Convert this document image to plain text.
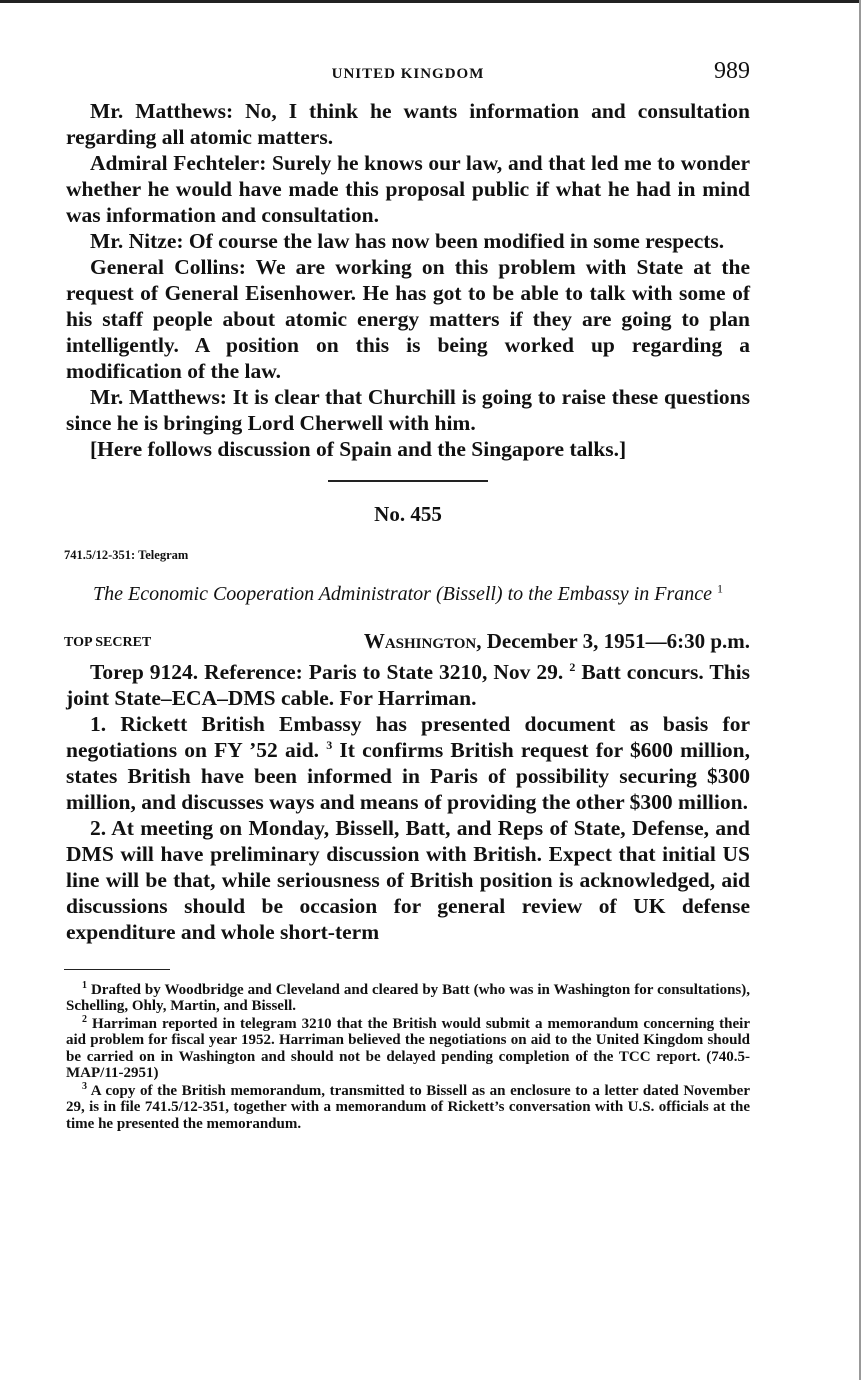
UNITED KINGDOM	989

Mr. Matthews: No, I think he wants information and consultation regarding all atomic matters.

Admiral Fechteler: Surely he knows our law, and that led me to wonder whether he would have made this proposal public if what he had in mind was information and consultation.

Mr. Nitze: Of course the law has now been modified in some respects.

General Collins: We are working on this problem with State at the request of General Eisenhower. He has got to be able to talk with some of his staff people about atomic energy matters if they are going to plan intelligently. A position on this is being worked up regarding a modification of the law.

Mr. Matthews: It is clear that Churchill is going to raise these questions since he is bringing Lord Cherwell with him.

[Here follows discussion of Spain and the Singapore talks.]

No. 455
741.5/12-351: Telegram
The Economic Cooperation Administrator (Bissell) to the Embassy in France $^1$
TOP SECRET	Washington, December 3, 1951—6:30 p.m.

Torep 9124. Reference: Paris to State 3210, Nov 29. $^2$ Batt concurs. This joint State–ECA–DMS cable. For Harriman.

1. Rickett British Embassy has presented document as basis for negotiations on FY ’52 aid. $^3$ It confirms British request for $600 million, states British have been informed in Paris of possibility securing $300 million, and discusses ways and means of providing the other $300 million.

2. At meeting on Monday, Bissell, Batt, and Reps of State, Defense, and DMS will have preliminary discussion with British. Expect that initial US line will be that, while seriousness of British position is acknowledged, aid discussions should be occasion for general review of UK defense expenditure and whole short-term

$^1$ Drafted by Woodbridge and Cleveland and cleared by Batt (who was in Washington for consultations), Schelling, Ohly, Martin, and Bissell.

$^2$ Harriman reported in telegram 3210 that the British would submit a memorandum concerning their aid problem for fiscal year 1952. Harriman believed the negotiations on aid to the United Kingdom should be carried on in Washington and should not be delayed pending completion of the TCC report. (740.5-MAP/11-2951)

$^3$ A copy of the British memorandum, transmitted to Bissell as an enclosure to a letter dated November 29, is in file 741.5/12-351, together with a memorandum of Rickett’s conversation with U.S. officials at the time he presented the memorandum.
